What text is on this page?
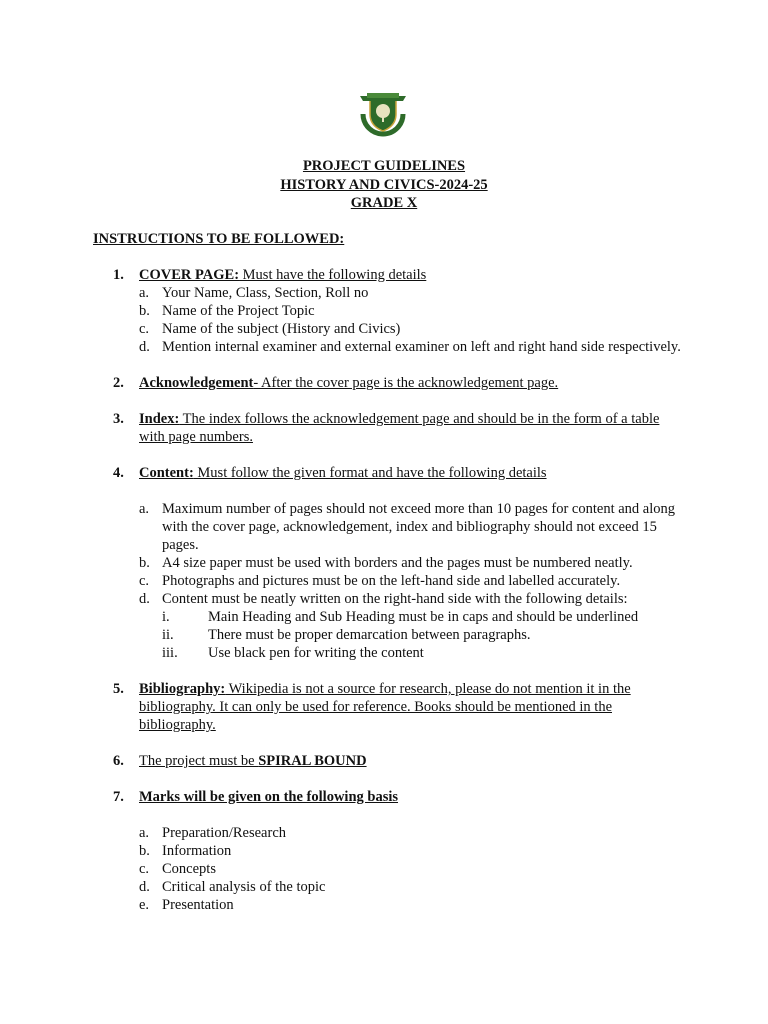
PROJECT GUIDELINES
HISTORY AND CIVICS-2024-25
GRADE X
INSTRUCTIONS TO BE FOLLOWED:
1. COVER PAGE: Must have the following details
a. Your Name, Class, Section, Roll no
b. Name of the Project Topic
c. Name of the subject (History and Civics)
d. Mention internal examiner and external examiner on left and right hand side respectively.
2. Acknowledgement- After the cover page is the acknowledgement page.
3. Index: The index follows the acknowledgement page and should be in the form of a table with page numbers.
4. Content: Must follow the given format and have the following details
a. Maximum number of pages should not exceed more than 10 pages for content and along with the cover page, acknowledgement, index and bibliography should not exceed 15 pages.
b. A4 size paper must be used with borders and the pages must be numbered neatly.
c. Photographs and pictures must be on the left-hand side and labelled accurately.
d. Content must be neatly written on the right-hand side with the following details:
i.	Main Heading and Sub Heading must be in caps and should be underlined
ii. There must be proper demarcation between paragraphs.
iii. Use black pen for writing the content
5. Bibliography: Wikipedia is not a source for research, please do not mention it in the bibliography. It can only be used for reference. Books should be mentioned in the bibliography.
6. The project must be SPIRAL BOUND
7. Marks will be given on the following basis
a. Preparation/Research
b. Information
c. Concepts
d. Critical analysis of the topic
e. Presentation
